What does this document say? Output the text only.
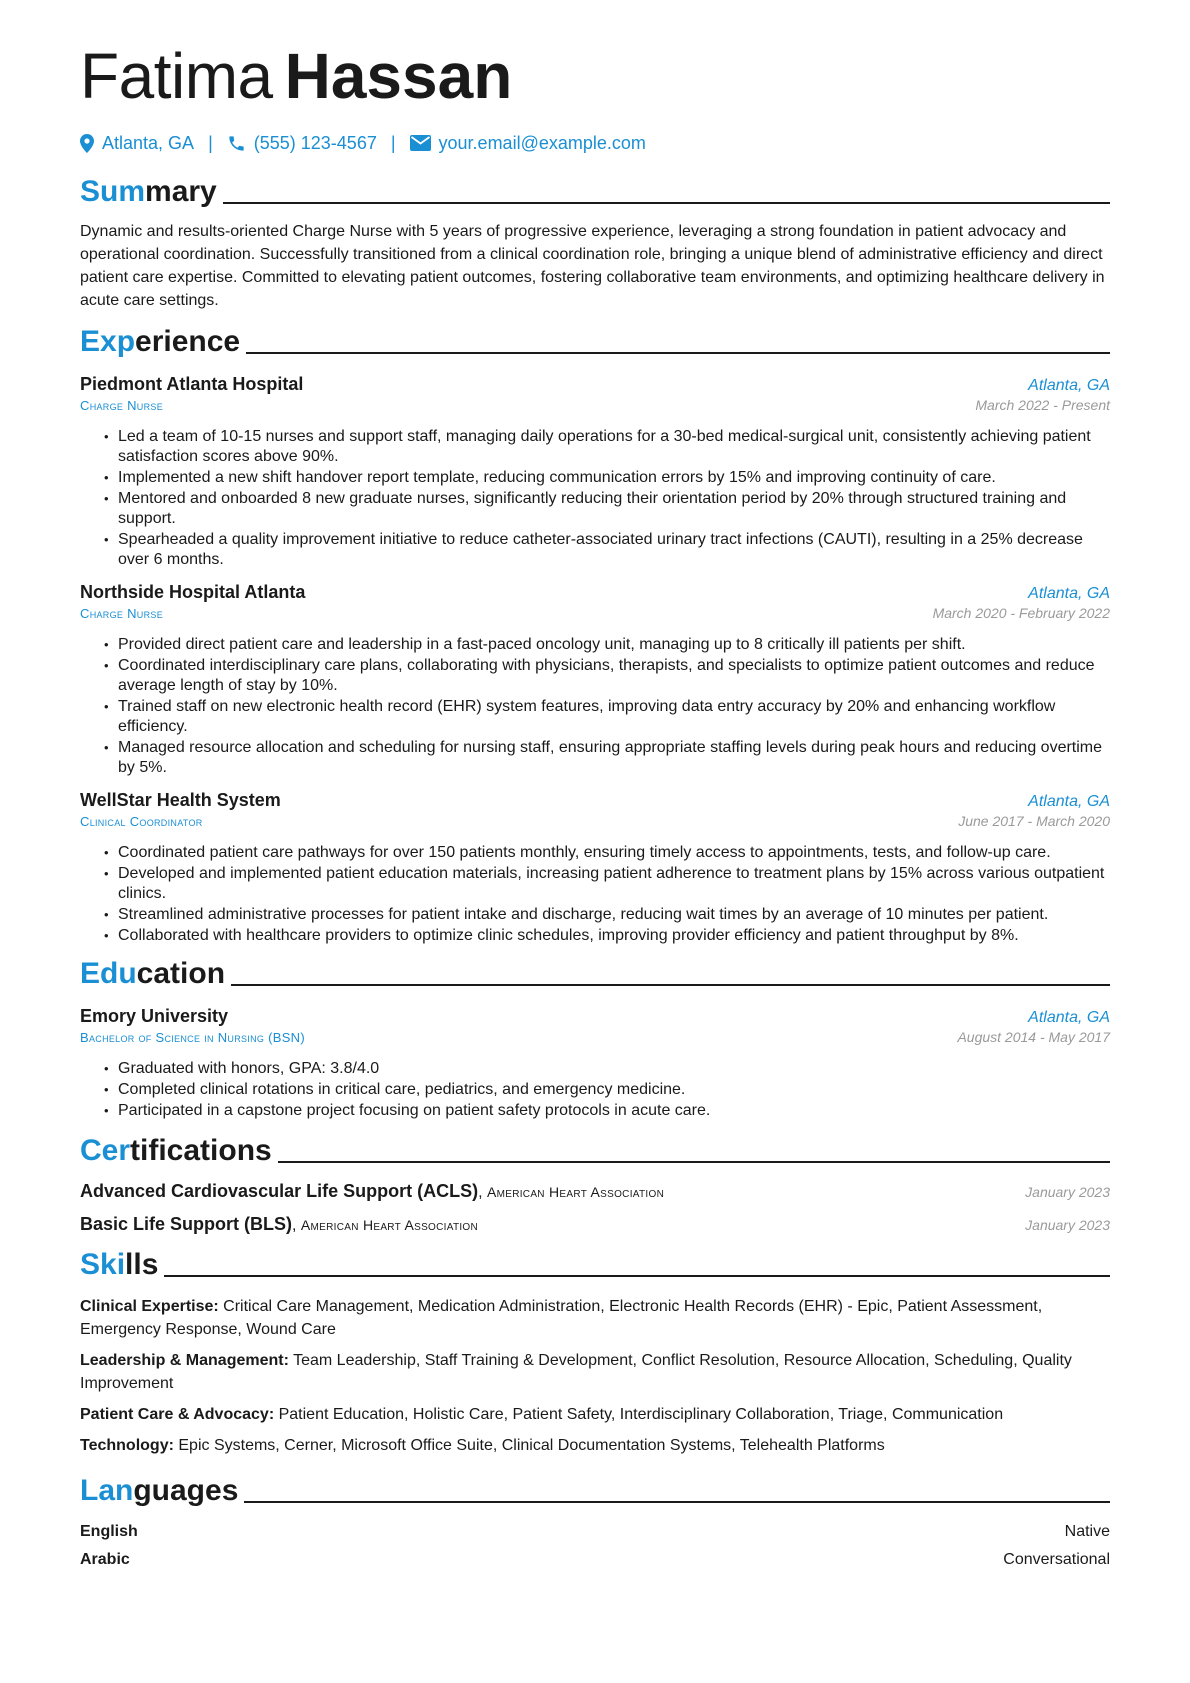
Fatima Hassan
Atlanta, GA | (555) 123-4567 | your.email@example.com
Summary

Dynamic and results-oriented Charge Nurse with 5 years of progressive experience, leveraging a strong foundation in patient advocacy and operational coordination. Successfully transitioned from a clinical coordination role, bringing a unique blend of administrative efficiency and direct patient care expertise. Committed to elevating patient outcomes, fostering collaborative team environments, and optimizing healthcare delivery in acute care settings.

Experience
Piedmont Atlanta Hospital	Atlanta, GA
Charge Nurse	March 2022 - Present
• Led a team of 10-15 nurses and support staff, managing daily operations for a 30-bed medical-surgical unit, consistently achieving patient satisfaction scores above 90%.
• Implemented a new shift handover report template, reducing communication errors by 15% and improving continuity of care.
• Mentored and onboarded 8 new graduate nurses, significantly reducing their orientation period by 20% through structured training and support.
• Spearheaded a quality improvement initiative to reduce catheter-associated urinary tract infections (CAUTI), resulting in a 25% decrease over 6 months.
Northside Hospital Atlanta	Atlanta, GA
Charge Nurse	March 2020 - February 2022
• Provided direct patient care and leadership in a fast-paced oncology unit, managing up to 8 critically ill patients per shift.
• Coordinated interdisciplinary care plans, collaborating with physicians, therapists, and specialists to optimize patient outcomes and reduce average length of stay by 10%.
• Trained staff on new electronic health record (EHR) system features, improving data entry accuracy by 20% and enhancing workflow efficiency.
• Managed resource allocation and scheduling for nursing staff, ensuring appropriate staffing levels during peak hours and reducing overtime by 5%.
WellStar Health System	Atlanta, GA
Clinical Coordinator	June 2017 - March 2020
• Coordinated patient care pathways for over 150 patients monthly, ensuring timely access to appointments, tests, and follow-up care.
• Developed and implemented patient education materials, increasing patient adherence to treatment plans by 15% across various outpatient clinics.
• Streamlined administrative processes for patient intake and discharge, reducing wait times by an average of 10 minutes per patient.
• Collaborated with healthcare providers to optimize clinic schedules, improving provider efficiency and patient throughput by 8%.
Education
Emory University	Atlanta, GA
Bachelor of Science in Nursing (BSN)	August 2014 - May 2017
• Graduated with honors, GPA: 3.8/4.0
• Completed clinical rotations in critical care, pediatrics, and emergency medicine.
• Participated in a capstone project focusing on patient safety protocols in acute care.
Certifications
Advanced Cardiovascular Life Support (ACLS), American Heart Association	January 2023
Basic Life Support (BLS), American Heart Association	January 2023
Skills

Clinical Expertise: Critical Care Management, Medication Administration, Electronic Health Records (EHR) - Epic, Patient Assessment, Emergency Response, Wound Care

Leadership & Management: Team Leadership, Staff Training & Development, Conflict Resolution, Resource Allocation, Scheduling, Quality Improvement

Patient Care & Advocacy: Patient Education, Holistic Care, Patient Safety, Interdisciplinary Collaboration, Triage, Communication

Technology: Epic Systems, Cerner, Microsoft Office Suite, Clinical Documentation Systems, Telehealth Platforms

Languages
English	Native
Arabic	Conversational
